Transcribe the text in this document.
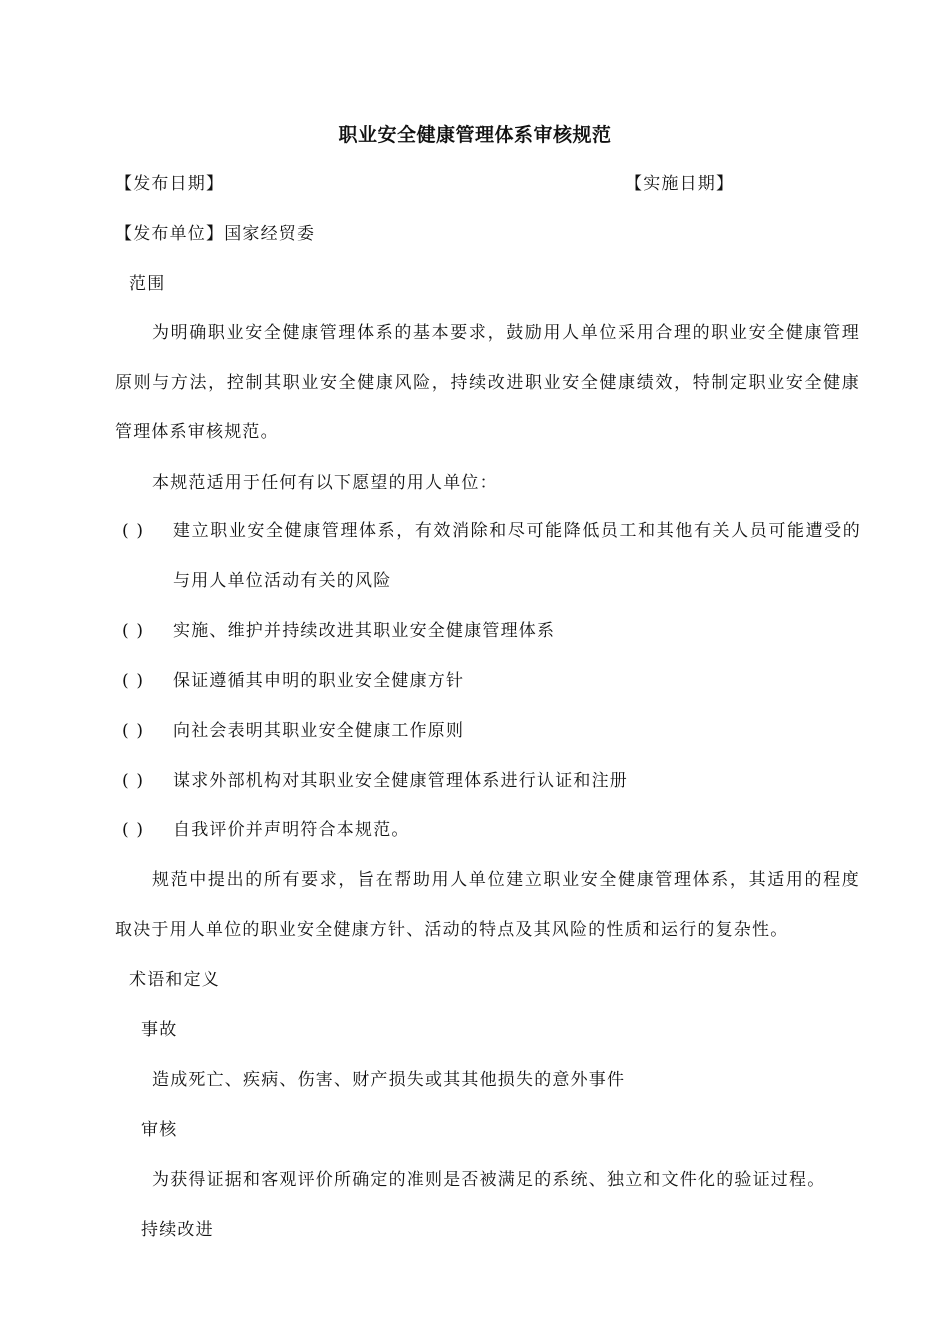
职业安全健康管理体系审核规范
【发布日期】	【实施日期】
【发布单位】国家经贸委
范围
为明确职业安全健康管理体系的基本要求，鼓励用人单位采用合理的职业安全健康管理原则与方法，控制其职业安全健康风险，持续改进职业安全健康绩效，特制定职业安全健康管理体系审核规范。
本规范适用于任何有以下愿望的用人单位：
( ) 建立职业安全健康管理体系，有效消除和尽可能降低员工和其他有关人员可能遭受的与用人单位活动有关的风险
( ) 实施、维护并持续改进其职业安全健康管理体系
( ) 保证遵循其申明的职业安全健康方针
( ) 向社会表明其职业安全健康工作原则
( ) 谋求外部机构对其职业安全健康管理体系进行认证和注册
( ) 自我评价并声明符合本规范。
规范中提出的所有要求，旨在帮助用人单位建立职业安全健康管理体系，其适用的程度取决于用人单位的职业安全健康方针、活动的特点及其风险的性质和运行的复杂性。
术语和定义
事故
造成死亡、疾病、伤害、财产损失或其其他损失的意外事件
审核
为获得证据和客观评价所确定的准则是否被满足的系统、独立和文件化的验证过程。
持续改进
